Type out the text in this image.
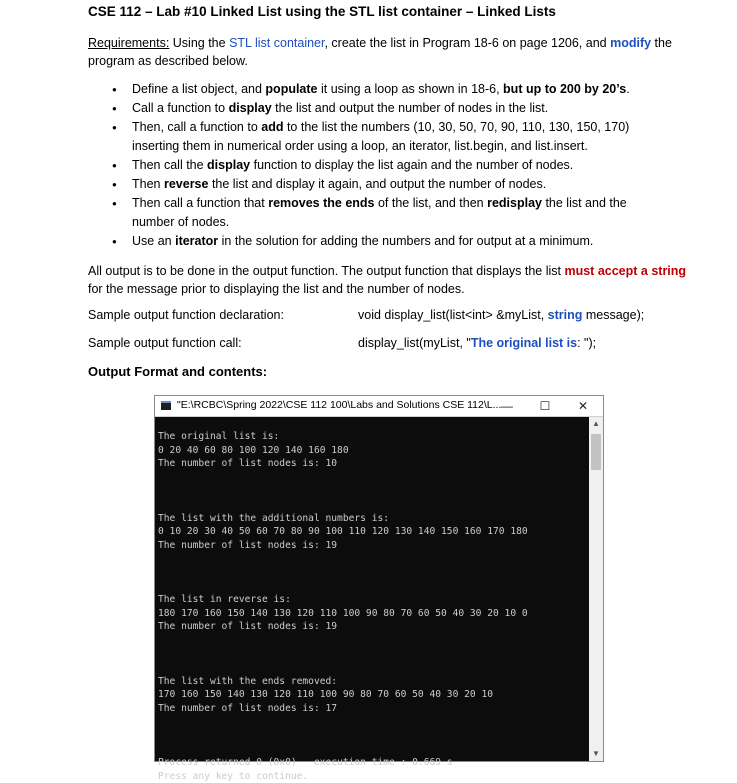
CSE 112 – Lab #10 Linked List using the STL list container – Linked Lists
Requirements: Using the STL list container, create the list in Program 18-6 on page 1206, and modify the program as described below.
● Define a list object, and populate it using a loop as shown in 18-6, but up to 200 by 20’s.
● Call a function to display the list and output the number of nodes in the list.
● Then, call a function to add to the list the numbers (10, 30, 50, 70, 90, 110, 130, 150, 170) inserting them in numerical order using a loop, an iterator, list.begin, and list.insert.
● Then call the display function to display the list again and the number of nodes.
● Then reverse the list and display it again, and output the number of nodes.
● Then call a function that removes the ends of the list, and then redisplay the list and the number of nodes.
● Use an iterator in the solution for adding the numbers and for output at a minimum.
All output is to be done in the output function. The output function that displays the list must accept a string for the message prior to displaying the list and the number of nodes.
Sample output function declaration:	void display_list(list<int> &myList, string message);
Sample output function call:	display_list(myList, "The original list is: ");
Output Format and contents:
"E:\RCBC\Spring 2022\CSE 112 100\Labs and Solutions CSE 112\L... —	☐	✕
The original list is:
0 20 40 60 80 100 120 140 160 180
The number of list nodes is: 10

The list with the additional numbers is:
0 10 20 30 40 50 60 70 80 90 100 110 120 130 140 150 160 170 180
The number of list nodes is: 19

The list in reverse is:
180 170 160 150 140 130 120 110 100 90 80 70 60 50 40 30 20 10 0
The number of list nodes is: 19

The list with the ends removed:
170 160 150 140 130 120 110 100 90 80 70 60 50 40 30 20 10
The number of list nodes is: 17

Process returned 0 (0x0)   execution time : 0.669 s
Press any key to continue.
▲
▼
